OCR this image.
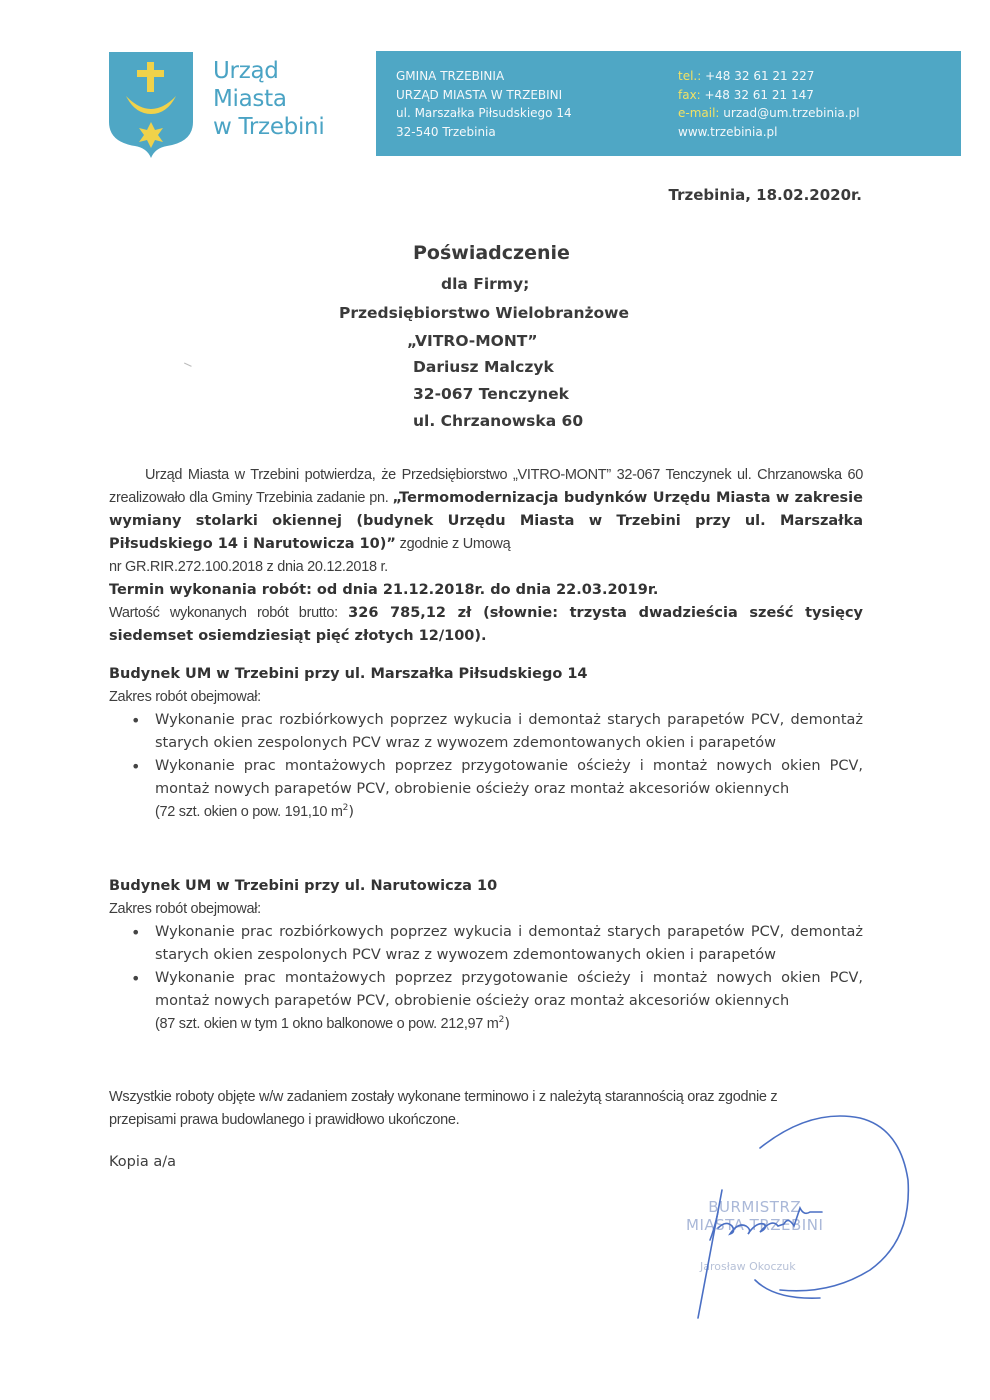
Urząd
Miasta
w Trzebini
GMINA TRZEBINIA
URZĄD MIASTA W TRZEBINI
ul. Marszałka Piłsudskiego 14
32-540 Trzebinia
tel.: +48 32 61 21 227
fax: +48 32 61 21 147
e-mail: urzad@um.trzebinia.pl
www.trzebinia.pl
Trzebinia, 18.02.2020r.
Poświadczenie
dla Firmy;
Przedsiębiorstwo Wielobranżowe
„VITRO-MONT”
Dariusz Malczyk
32-067 Tenczynek
ul. Chrzanowska 60
Urząd Miasta w Trzebini potwierdza, że Przedsiębiorstwo „VITRO-MONT” 32-067 Tenczynek ul. Chrzanowska 60 zrealizowało dla Gminy Trzebinia zadanie pn. „Termomodernizacja budynków Urzędu Miasta w zakresie wymiany stolarki okiennej (budynek Urzędu Miasta w Trzebini przy ul. Marszałka Piłsudskiego 14 i Narutowicza 10)” zgodnie z Umową
nr GR.RIR.272.100.2018 z dnia 20.12.2018 r.
Termin wykonania robót: od dnia 21.12.2018r. do dnia 22.03.2019r.
Wartość wykonanych robót brutto: 326 785,12 zł (słownie: trzysta dwadzieścia sześć tysięcy siedemset osiemdziesiąt pięć złotych 12/100).
Budynek UM w Trzebini przy ul. Marszałka Piłsudskiego 14
Zakres robót obejmował:
• Wykonanie prac rozbiórkowych poprzez wykucia i demontaż starych parapetów PCV, demontaż starych okien zespolonych PCV wraz z wywozem zdemontowanych okien i parapetów
• Wykonanie prac montażowych poprzez przygotowanie ościeży i montaż nowych okien PCV, montaż nowych parapetów PCV, obrobienie ościeży oraz montaż akcesoriów okiennych
(72 szt. okien o pow. 191,10 $m^2$)
Budynek UM w Trzebini przy ul. Narutowicza 10
Zakres robót obejmował:
• Wykonanie prac rozbiórkowych poprzez wykucia i demontaż starych parapetów PCV, demontaż starych okien zespolonych PCV wraz z wywozem zdemontowanych okien i parapetów
• Wykonanie prac montażowych poprzez przygotowanie ościeży i montaż nowych okien PCV, montaż nowych parapetów PCV, obrobienie ościeży oraz montaż akcesoriów okiennych
(87 szt. okien w tym 1 okno balkonowe o pow. 212,97 $m^2$)
Wszystkie roboty objęte w/w zadaniem zostały wykonane terminowo i z należytą starannością oraz zgodnie z przepisami prawa budowlanego i prawidłowo ukończone.
Kopia a/a
BURMISTRZ
MIASTA TRZEBINI
Jarosław Okoczuk
